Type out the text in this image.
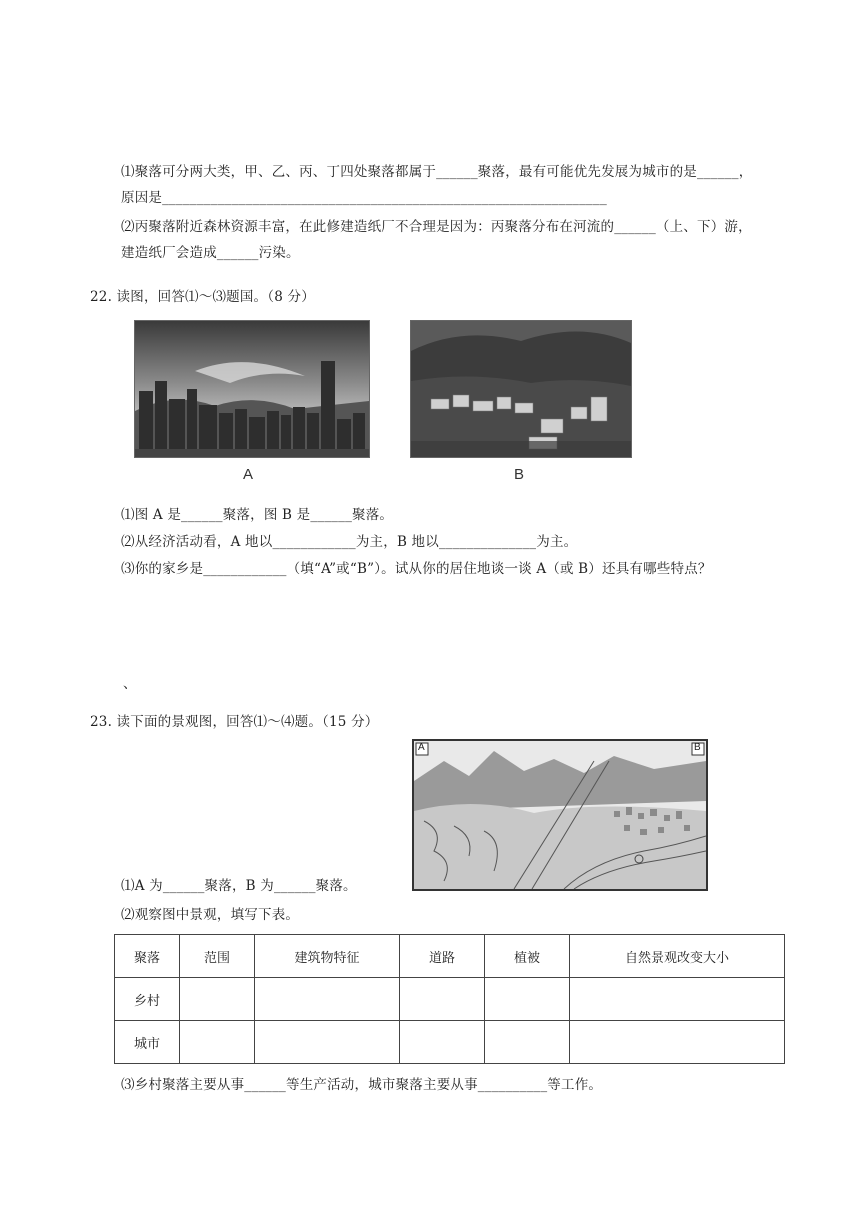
⑴聚落可分两大类，甲、乙、丙、丁四处聚落都属于______聚落，最有可能优先发展为城市的是______，
原因是________________________________________________________________
⑵丙聚落附近森林资源丰富，在此修建造纸厂不合理是因为：丙聚落分布在河流的______（上、下）游，
建造纸厂会造成______污染。
22. 读图，回答⑴～⑶题国。（8 分）
A	B
⑴图 A 是______聚落，图 B 是______聚落。
⑵从经济活动看，A 地以____________为主，B 地以______________为主。
⑶你的家乡是____________（填“A”或“B”）。试从你的居住地谈一谈 A（或 B）还具有哪些特点？
、
23. 读下面的景观图，回答⑴～⑷题。（15 分）
A	B
⑴A 为______聚落，B 为______聚落。
⑵观察图中景观，填写下表。
聚落	范围	建筑物特征	道路	植被	自然景观改变大小
乡村					
城市					
⑶乡村聚落主要从事______等生产活动，城市聚落主要从事__________等工作。
